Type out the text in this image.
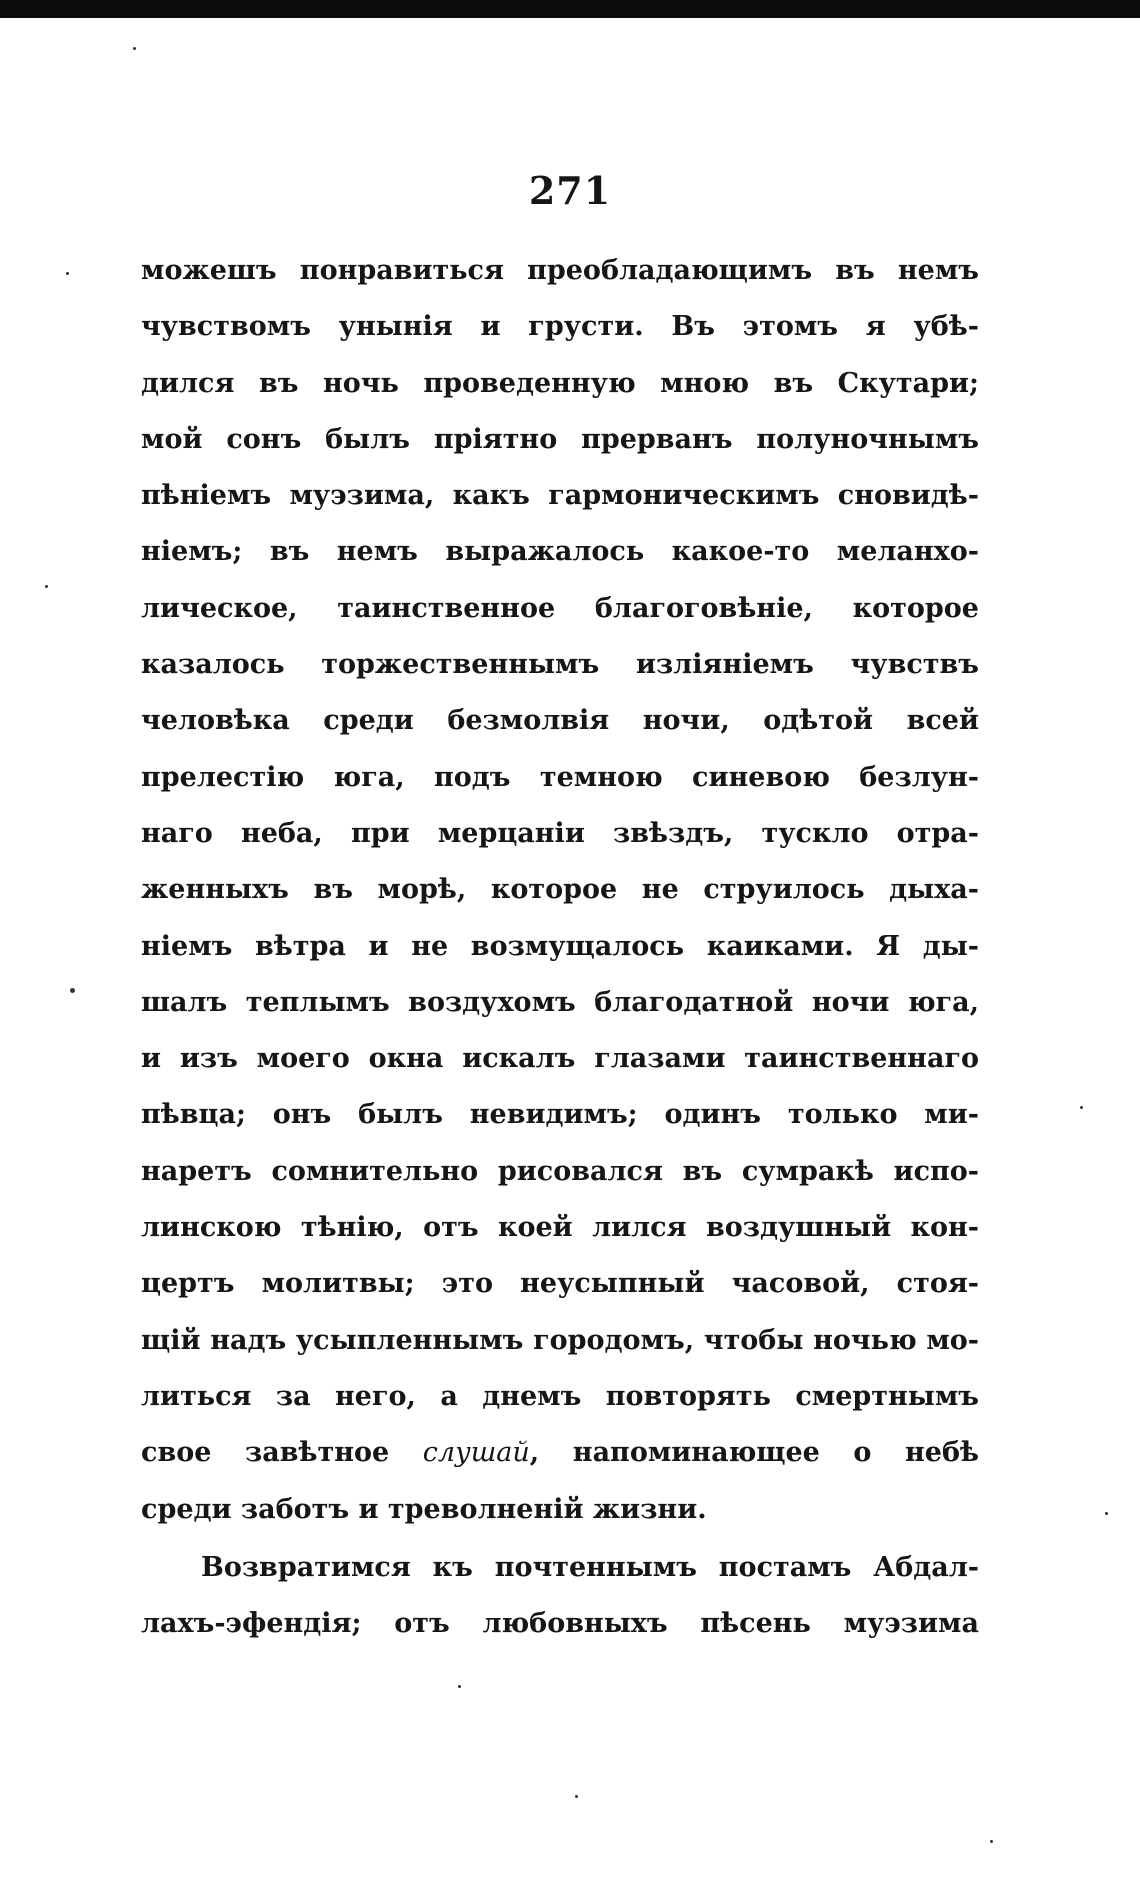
271
можешъ понравиться преобладающимъ въ немъ
чувствомъ унынія и грусти. Въ этомъ я убѣ-
дился въ ночь проведенную мною въ Скутари;
мой сонъ былъ пріятно прерванъ полуночнымъ
пѣніемъ муэзима, какъ гармоническимъ сновидѣ-
ніемъ; въ немъ выражалось какое-то меланхо-
лическое, таинственное благоговѣніе, которое
казалось торжественнымъ изліяніемъ чувствъ
человѣка среди безмолвія ночи, одѣтой всей
прелестію юга, подъ темною синевою безлун-
наго неба, при мерцаніи звѣздъ, тускло отра-
женныхъ въ морѣ, которое не струилось дыха-
ніемъ вѣтра и не возмущалось каиками. Я ды-
шалъ теплымъ воздухомъ благодатной ночи юга,
и изъ моего окна искалъ глазами таинственнаго
пѣвца; онъ былъ невидимъ; одинъ только ми-
наретъ сомнительно рисовался въ сумракѣ испо-
линскою тѣнію, отъ коей лился воздушный кон-
цертъ молитвы; это неусыпный часовой, стоя-
щій надъ усыпленнымъ городомъ, чтобы ночью мо-
литься за него, а днемъ повторять смертнымъ
свое завѣтное слушай, напоминающее о небѣ
среди заботъ и треволненій жизни.
Возвратимся къ почтеннымъ постамъ Абдал-
лахъ-эфендія; отъ любовныхъ пѣсень муэзима
